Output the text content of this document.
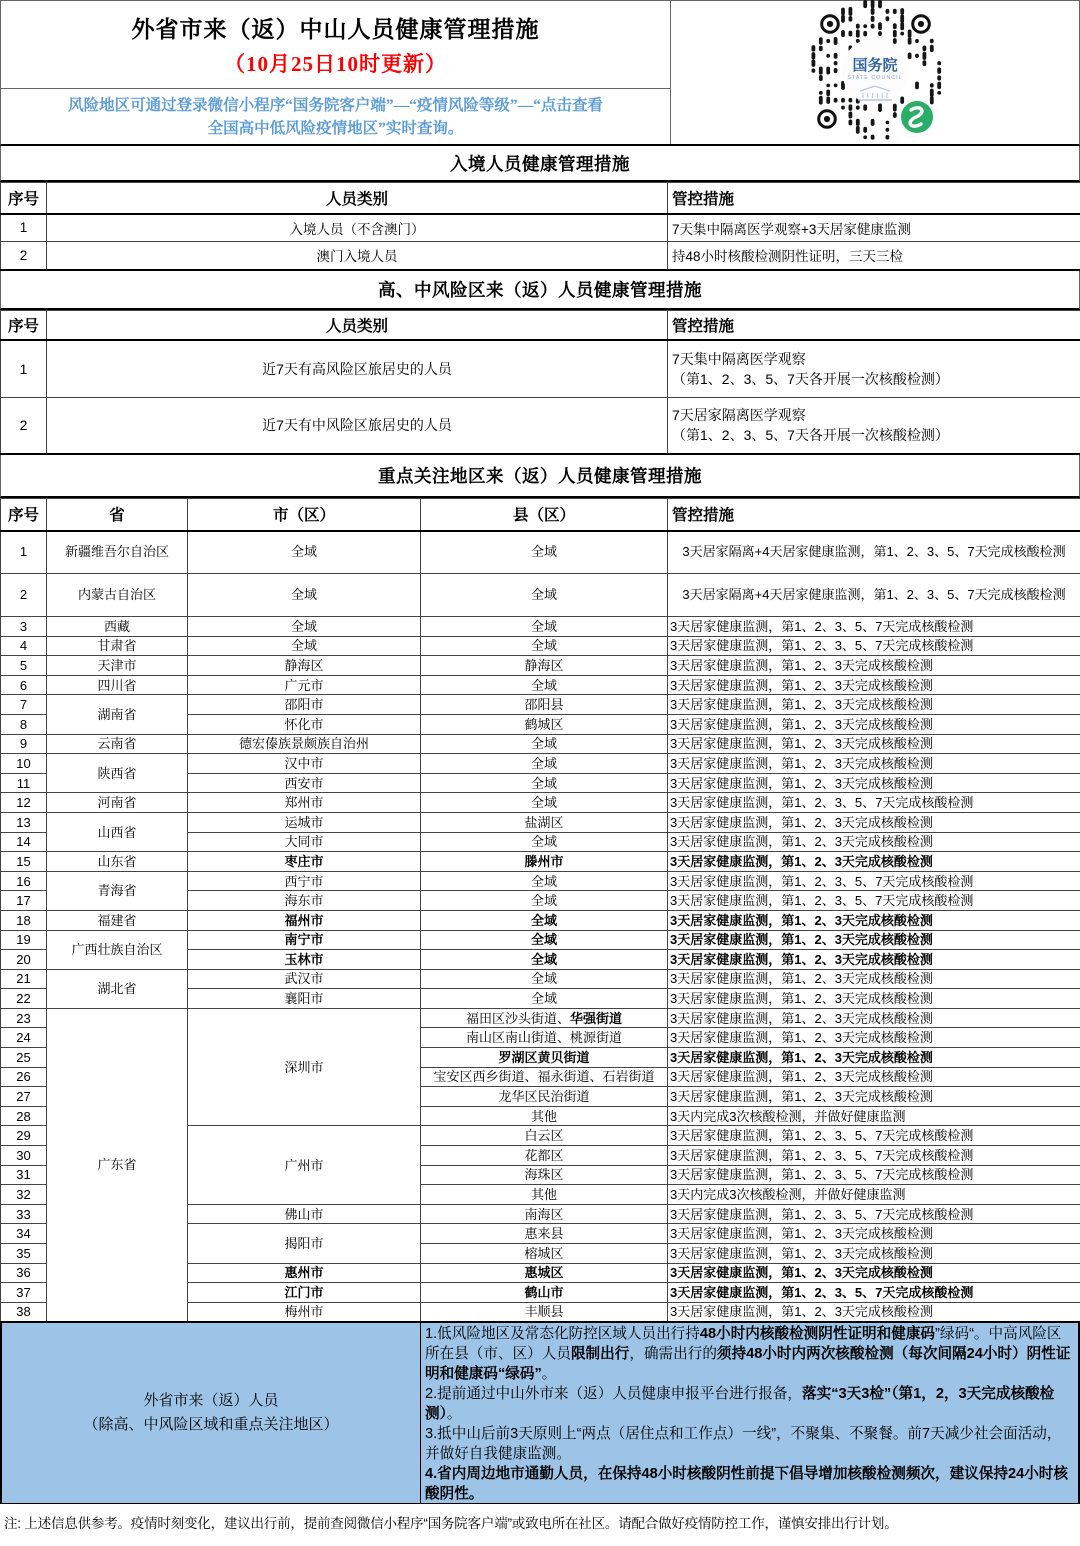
外省市来（返）中山人员健康管理措施
（10月25日10时更新）
风险地区可通过登录微信小程序“国务院客户端”—“疫情风险等级”—“点击查看
全国高中低风险疫情地区”实时查询。
国务院
STATE COUNCIL
入境人员健康管理措施
序号	人员类别	管控措施
1	入境人员（不含澳门）	7天集中隔离医学观察+3天居家健康监测
2	澳门入境人员	持48小时核酸检测阴性证明，三天三检
高、中风险区来（返）人员健康管理措施
序号	人员类别	管控措施
1	近7天有高风险区旅居史的人员	7天集中隔离医学观察
（第1、2、3、5、7天各开展一次核酸检测）
2	近7天有中风险区旅居史的人员	7天居家隔离医学观察
（第1、2、3、5、7天各开展一次核酸检测）
重点关注地区来（返）人员健康管理措施
序号	省	市（区）	县（区）	管控措施
1	新疆维吾尔自治区	全域	全域	3天居家隔离+4天居家健康监测，第1、2、3、5、7天完成核酸检测
2	内蒙古自治区	全域	全域	3天居家隔离+4天居家健康监测，第1、2、3、5、7天完成核酸检测
3	西藏	全域	全域	3天居家健康监测，第1、2、3、5、7天完成核酸检测
4	甘肃省	全域	全域	3天居家健康监测，第1、2、3、5、7天完成核酸检测
5	天津市	静海区	静海区	3天居家健康监测，第1、2、3天完成核酸检测
6	四川省	广元市	全域	3天居家健康监测，第1、2、3天完成核酸检测
7	湖南省	邵阳市	邵阳县	3天居家健康监测，第1、2、3天完成核酸检测
8		怀化市	鹤城区	3天居家健康监测，第1、2、3天完成核酸检测
9	云南省	德宏傣族景颇族自治州	全域	3天居家健康监测，第1、2、3天完成核酸检测
10	陕西省	汉中市	全域	3天居家健康监测，第1、2、3天完成核酸检测
11		西安市	全域	3天居家健康监测，第1、2、3天完成核酸检测
12	河南省	郑州市	全域	3天居家健康监测，第1、2、3、5、7天完成核酸检测
13	山西省	运城市	盐湖区	3天居家健康监测，第1、2、3天完成核酸检测
14		大同市	全域	3天居家健康监测，第1、2、3天完成核酸检测
15	山东省	枣庄市	滕州市	3天居家健康监测，第1、2、3天完成核酸检测
16	青海省	西宁市	全域	3天居家健康监测，第1、2、3、5、7天完成核酸检测
17		海东市	全域	3天居家健康监测，第1、2、3、5、7天完成核酸检测
18	福建省	福州市	全域	3天居家健康监测，第1、2、3天完成核酸检测
19	广西壮族自治区	南宁市	全域	3天居家健康监测，第1、2、3天完成核酸检测
20		玉林市	全域	3天居家健康监测，第1、2、3天完成核酸检测
21	湖北省	武汉市	全域	3天居家健康监测，第1、2、3天完成核酸检测
22		襄阳市	全域	3天居家健康监测，第1、2、3天完成核酸检测
23	广东省	深圳市	福田区沙头街道、华强街道	3天居家健康监测，第1、2、3天完成核酸检测
24			南山区南山街道、桃源街道	3天居家健康监测，第1、2、3天完成核酸检测
25			罗湖区黄贝街道	3天居家健康监测，第1、2、3天完成核酸检测
26			宝安区西乡街道、福永街道、石岩街道	3天居家健康监测，第1、2、3天完成核酸检测
27			龙华区民治街道	3天居家健康监测，第1、2、3天完成核酸检测
28			其他	3天内完成3次核酸检测，并做好健康监测
29		广州市	白云区	3天居家健康监测，第1、2、3、5、7天完成核酸检测
30			花都区	3天居家健康监测，第1、2、3、5、7天完成核酸检测
31			海珠区	3天居家健康监测，第1、2、3、5、7天完成核酸检测
32			其他	3天内完成3次核酸检测，并做好健康监测
33		佛山市	南海区	3天居家健康监测，第1、2、3、5、7天完成核酸检测
34		揭阳市	惠来县	3天居家健康监测，第1、2、3天完成核酸检测
35			榕城区	3天居家健康监测，第1、2、3天完成核酸检测
36		惠州市	惠城区	3天居家健康监测，第1、2、3天完成核酸检测
37		江门市	鹤山市	3天居家健康监测，第1、2、3、5、7天完成核酸检测
38		梅州市	丰顺县	3天居家健康监测，第1、2、3天完成核酸检测
外省市来（返）人员
（除高、中风险区域和重点关注地区）
1.低风险地区及常态化防控区域人员出行持48小时内核酸检测阴性证明和健康码”绿码“。中高风险区所在县（市、区）人员限制出行，确需出行的须持48小时内两次核酸检测（每次间隔24小时）阴性证明和健康码“绿码”。
2.提前通过中山外市来（返）人员健康申报平台进行报备，落实“3天3检”（第1，2，3天完成核酸检测）。
3.抵中山后前3天原则上“两点（居住点和工作点）一线”，不聚集、不聚餐。前7天减少社会面活动，并做好自我健康监测。
4.省内周边地市通勤人员，在保持48小时核酸阴性前提下倡导增加核酸检测频次，建议保持24小时核酸阴性。
注: 上述信息供参考。疫情时刻变化，建议出行前，提前查阅微信小程序“国务院客户端”或致电所在社区。请配合做好疫情防控工作，谨慎安排出行计划。
